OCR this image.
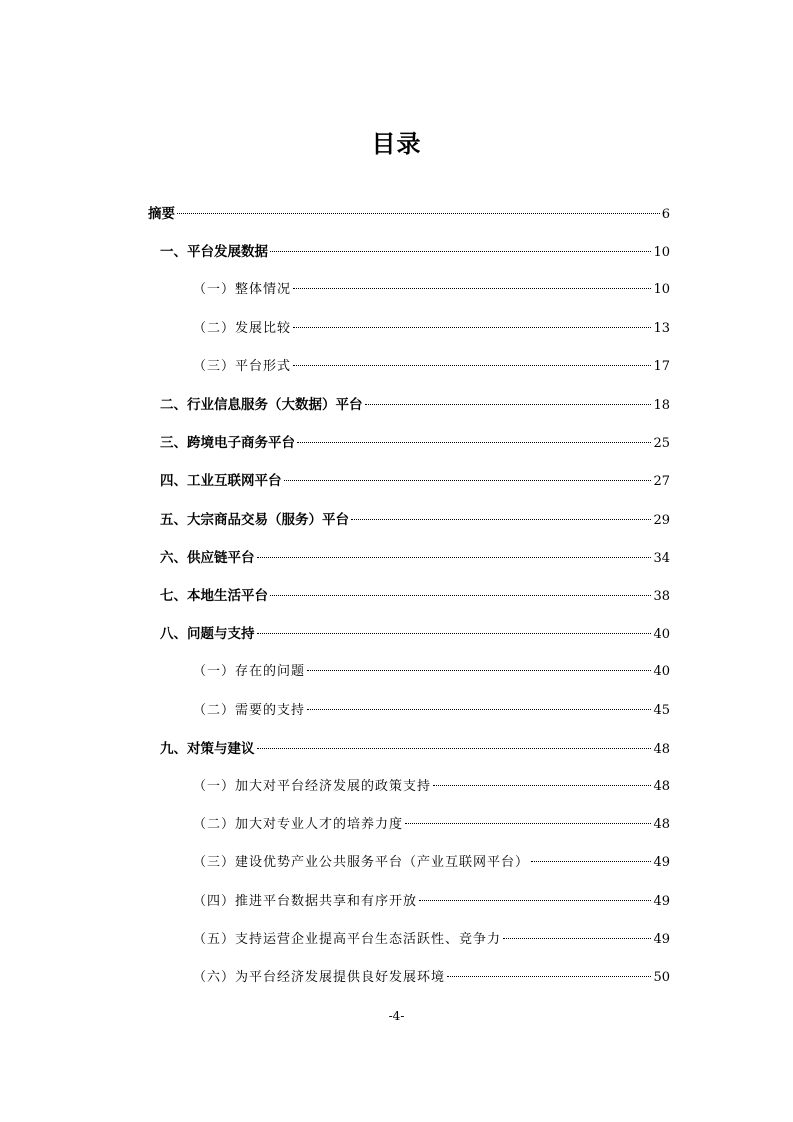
目录
摘要	6
一、平台发展数据	10
（一）整体情况	10
（二）发展比较	13
（三）平台形式	17
二、行业信息服务（大数据）平台	18
三、跨境电子商务平台	25
四、工业互联网平台	27
五、大宗商品交易（服务）平台	29
六、供应链平台	34
七、本地生活平台	38
八、问题与支持	40
（一）存在的问题	40
（二）需要的支持	45
九、对策与建议	48
（一）加大对平台经济发展的政策支持	48
（二）加大对专业人才的培养力度	48
（三）建设优势产业公共服务平台（产业互联网平台）	49
（四）推进平台数据共享和有序开放	49
（五）支持运营企业提高平台生态活跃性、竞争力	49
（六）为平台经济发展提供良好发展环境	50
-4-
